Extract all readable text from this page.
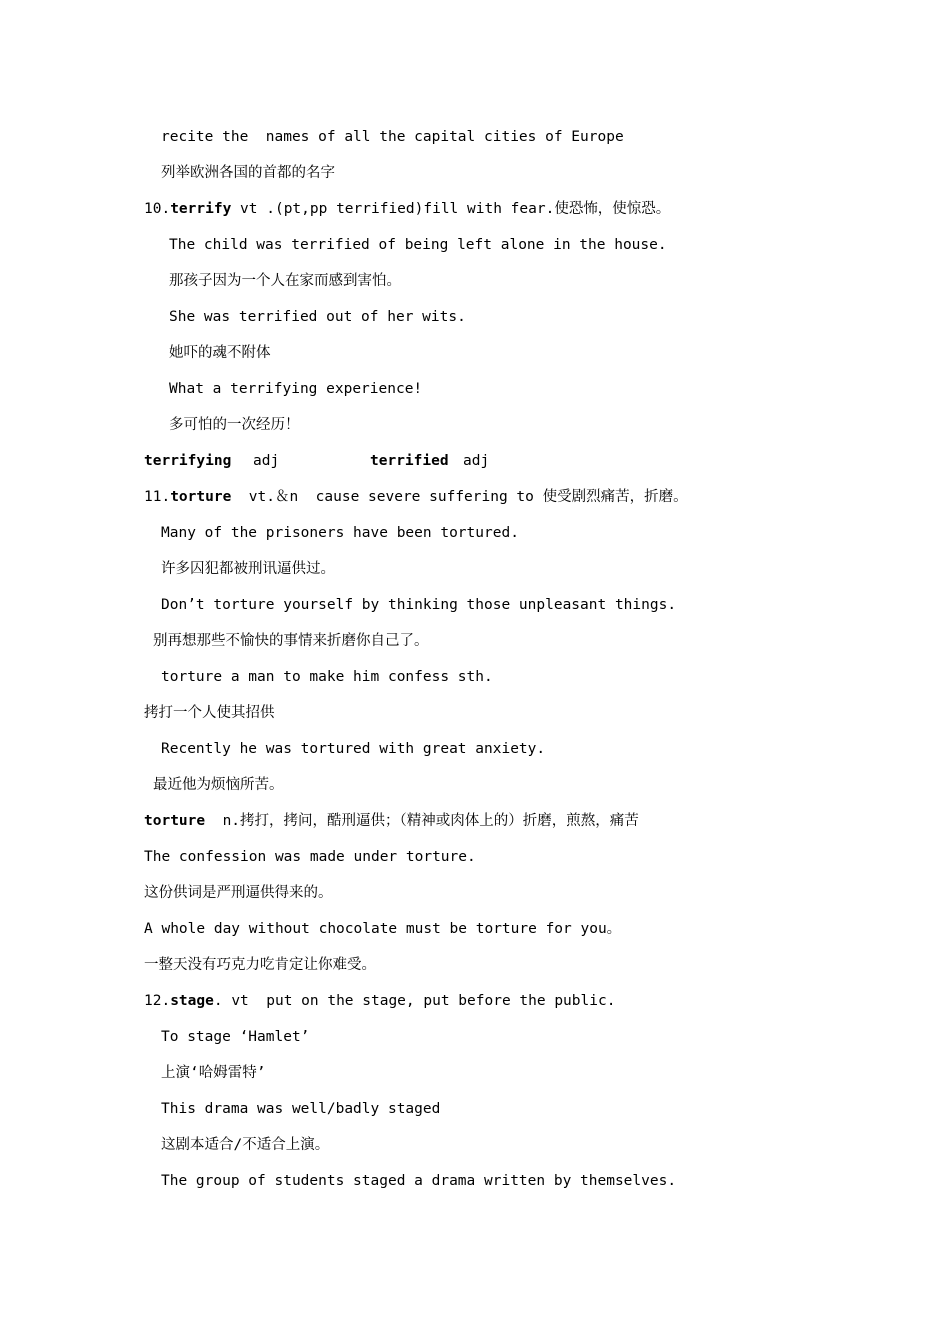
recite the  names of all the capital cities of Europe
列举欧洲各国的首都的名字
10.terrify vt .(pt,pp terrified)fill with fear.使恐怖，使惊恐。
The child was terrified of being left alone in the house.
那孩子因为一个人在家而感到害怕。
She was terrified out of her wits.
她吓的魂不附体
What a terrifying experience!
多可怕的一次经历！
terrifying adj	terrified adj
11.torture  vt.＆n  cause severe suffering to 使受剧烈痛苦，折磨。
Many of the prisoners have been tortured.
许多囚犯都被刑讯逼供过。
Don’t torture yourself by thinking those unpleasant things.
别再想那些不愉快的事情来折磨你自己了。
torture a man to make him confess sth.
拷打一个人使其招供
Recently he was tortured with great anxiety.
最近他为烦恼所苦。
torture  n.拷打，拷问，酷刑逼供；（精神或肉体上的）折磨，煎熬，痛苦
The confession was made under torture.
这份供词是严刑逼供得来的。
A whole day without chocolate must be torture for you。
一整天没有巧克力吃肯定让你难受。
12.stage. vt  put on the stage, put before the public.
To stage ‘Hamlet’
上演‘哈姆雷特’
This drama was well/badly staged
这剧本适合/不适合上演。
The group of students staged a drama written by themselves.
